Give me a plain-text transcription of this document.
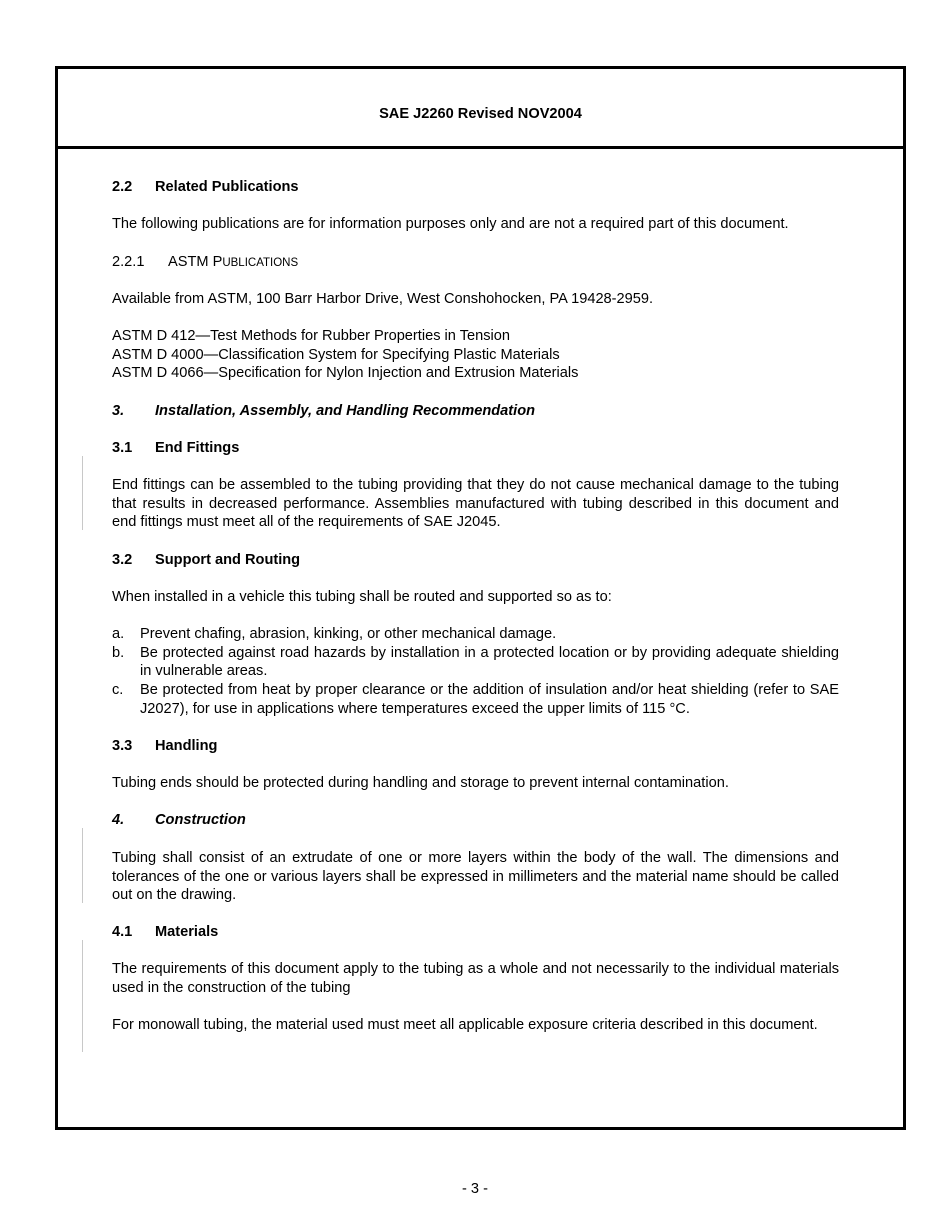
SAE J2260 Revised NOV2004
2.2 Related Publications
The following publications are for information purposes only and are not a required part of this document.
2.2.1 ASTM PUBLICATIONS
Available from ASTM, 100 Barr Harbor Drive, West Conshohocken, PA 19428-2959.
ASTM D 412—Test Methods for Rubber Properties in Tension
ASTM D 4000—Classification System for Specifying Plastic Materials
ASTM D 4066—Specification for Nylon Injection and Extrusion Materials
3. Installation, Assembly, and Handling Recommendation
3.1 End Fittings
End fittings can be assembled to the tubing providing that they do not cause mechanical damage to the tubing that results in decreased performance. Assemblies manufactured with tubing described in this document and end fittings must meet all of the requirements of SAE J2045.
3.2 Support and Routing
When installed in a vehicle this tubing shall be routed and supported so as to:
a. Prevent chafing, abrasion, kinking, or other mechanical damage.
b. Be protected against road hazards by installation in a protected location or by providing adequate shielding in vulnerable areas.
c. Be protected from heat by proper clearance or the addition of insulation and/or heat shielding (refer to SAE J2027), for use in applications where temperatures exceed the upper limits of 115 °C.
3.3 Handling
Tubing ends should be protected during handling and storage to prevent internal contamination.
4. Construction
Tubing shall consist of an extrudate of one or more layers within the body of the wall. The dimensions and tolerances of the one or various layers shall be expressed in millimeters and the material name should be called out on the drawing.
4.1 Materials
The requirements of this document apply to the tubing as a whole and not necessarily to the individual materials used in the construction of the tubing
For monowall tubing, the material used must meet all applicable exposure criteria described in this document.
- 3 -
